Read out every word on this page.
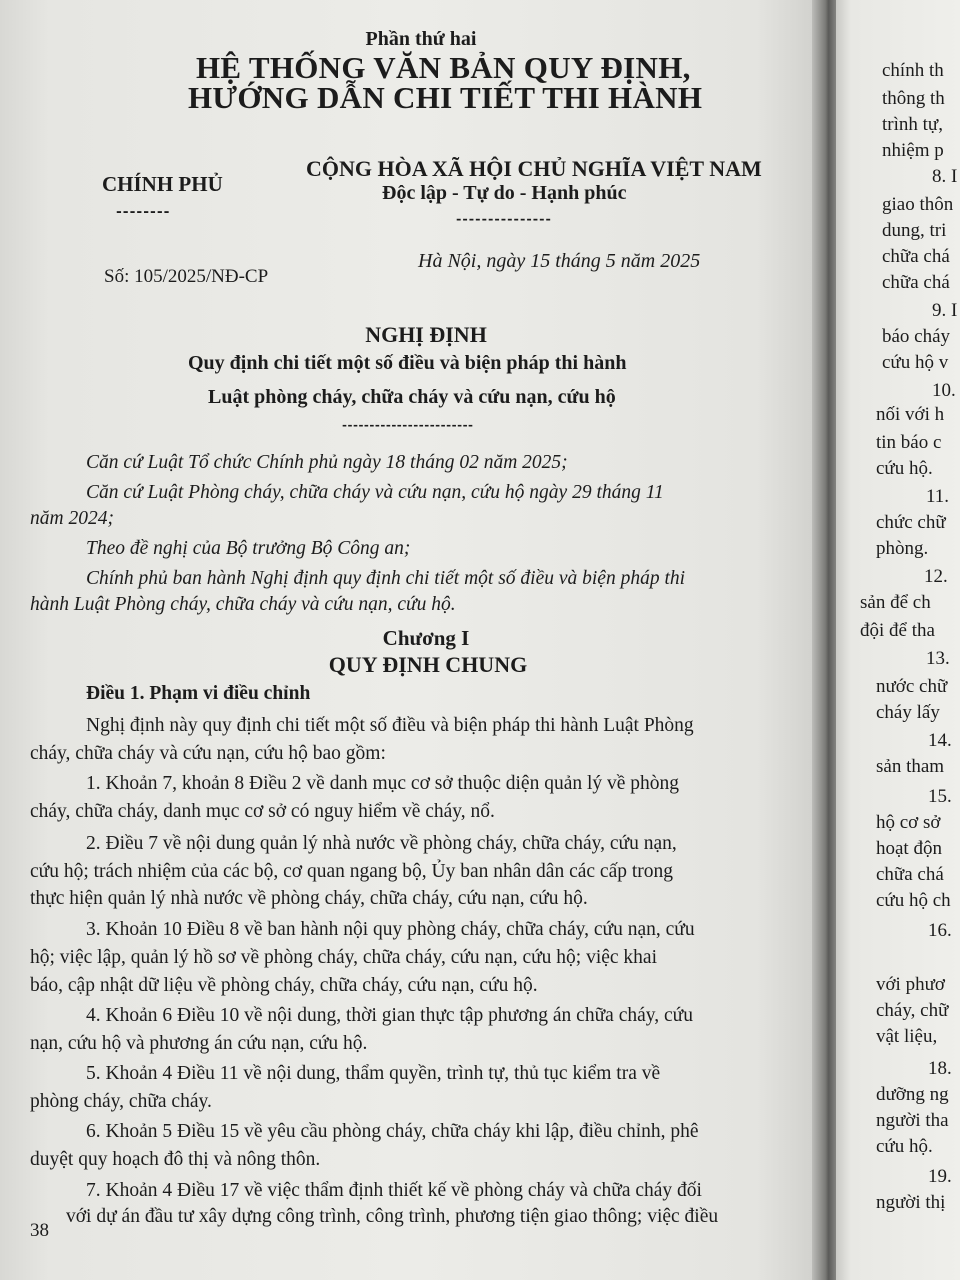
Phần thứ hai
HỆ THỐNG VĂN BẢN QUY ĐỊNH,
HƯỚNG DẪN CHI TIẾT THI HÀNH
CỘNG HÒA XÃ HỘI CHỦ NGHĨA VIỆT NAM
CHÍNH PHỦ	Độc lập - Tự do - Hạnh phúc
--------	---------------
Hà Nội, ngày 15 tháng 5 năm 2025
Số: 105/2025/NĐ-CP
NGHỊ ĐỊNH
Quy định chi tiết một số điều và biện pháp thi hành
Luật phòng cháy, chữa cháy và cứu nạn, cứu hộ
------------------------
Căn cứ Luật Tổ chức Chính phủ ngày 18 tháng 02 năm 2025;
Căn cứ Luật Phòng cháy, chữa cháy và cứu nạn, cứu hộ ngày 29 tháng 11
năm 2024;
Theo đề nghị của Bộ trưởng Bộ Công an;
Chính phủ ban hành Nghị định quy định chi tiết một số điều và biện pháp thi
hành Luật Phòng cháy, chữa cháy và cứu nạn, cứu hộ.
Chương I
QUY ĐỊNH CHUNG
Điều 1. Phạm vi điều chỉnh
Nghị định này quy định chi tiết một số điều và biện pháp thi hành Luật Phòng
cháy, chữa cháy và cứu nạn, cứu hộ bao gồm:
1. Khoản 7, khoản 8 Điều 2 về danh mục cơ sở thuộc diện quản lý về phòng
cháy, chữa cháy, danh mục cơ sở có nguy hiểm về cháy, nổ.
2. Điều 7 về nội dung quản lý nhà nước về phòng cháy, chữa cháy, cứu nạn,
cứu hộ; trách nhiệm của các bộ, cơ quan ngang bộ, Ủy ban nhân dân các cấp trong
thực hiện quản lý nhà nước về phòng cháy, chữa cháy, cứu nạn, cứu hộ.
3. Khoản 10 Điều 8 về ban hành nội quy phòng cháy, chữa cháy, cứu nạn, cứu
hộ; việc lập, quản lý hồ sơ về phòng cháy, chữa cháy, cứu nạn, cứu hộ; việc khai
báo, cập nhật dữ liệu về phòng cháy, chữa cháy, cứu nạn, cứu hộ.
4. Khoản 6 Điều 10 về nội dung, thời gian thực tập phương án chữa cháy, cứu
nạn, cứu hộ và phương án cứu nạn, cứu hộ.
5. Khoản 4 Điều 11 về nội dung, thẩm quyền, trình tự, thủ tục kiểm tra về
phòng cháy, chữa cháy.
6. Khoản 5 Điều 15 về yêu cầu phòng cháy, chữa cháy khi lập, điều chỉnh, phê
duyệt quy hoạch đô thị và nông thôn.
7. Khoản 4 Điều 17 về việc thẩm định thiết kế về phòng cháy và chữa cháy đối
với dự án đầu tư xây dựng công trình, công trình, phương tiện giao thông; việc điều
38
chính th
thông th
trình tự,
nhiệm p
8. I
giao thôn
dung, tri
chữa chá
chữa chá
9. I
báo cháy
cứu hộ v
10.
nối với h
tin báo c
cứu hộ.
11.
chức chữ
phòng.
12.
sản để ch
đội để tha
13.
nước chữ
cháy lấy
14.
sản tham
15.
hộ cơ sở
hoạt độn
chữa chá
cứu hộ ch
16.
với phươ
cháy, chữ
vật liệu,
18.
dưỡng ng
người tha
cứu hộ.
19.
người thị
